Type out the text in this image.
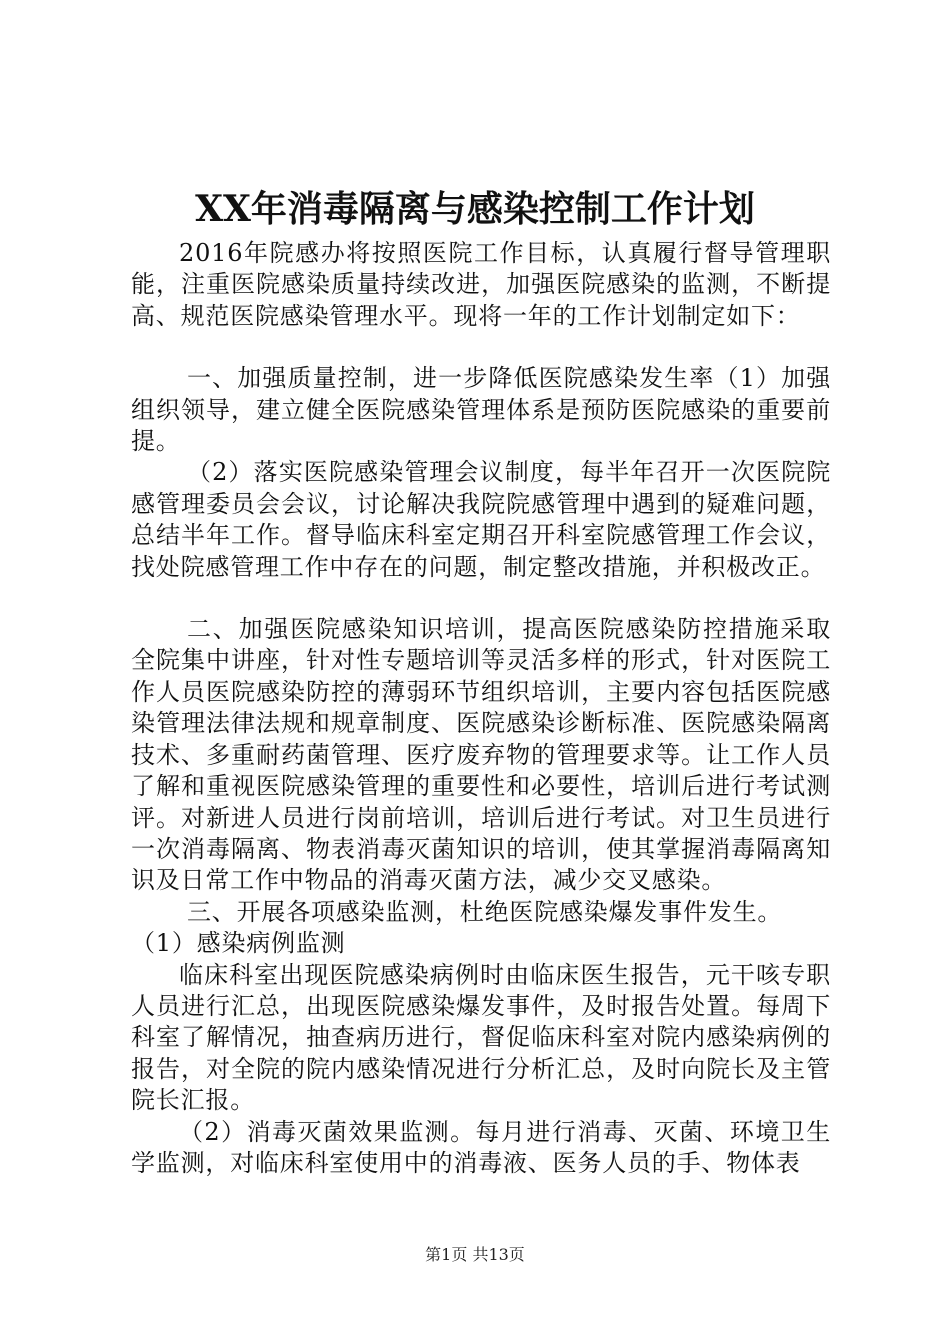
XX年消毒隔离与感染控制工作计划

2016年院感办将按照医院工作目标，认真履行督导管理职能，注重医院感染质量持续改进，加强医院感染的监测，不断提高、规范医院感染管理水平。现将一年的工作计划制定如下：

一、加强质量控制，进一步降低医院感染发生率（1）加强组织领导，建立健全医院感染管理体系是预防医院感染的重要前提。

（2）落实医院感染管理会议制度，每半年召开一次医院院感管理委员会会议，讨论解决我院院感管理中遇到的疑难问题，总结半年工作。督导临床科室定期召开科室院感管理工作会议，找处院感管理工作中存在的问题，制定整改措施，并积极改正。

二、加强医院感染知识培训，提高医院感染防控措施采取全院集中讲座，针对性专题培训等灵活多样的形式，针对医院工作人员医院感染防控的薄弱环节组织培训，主要内容包括医院感染管理法律法规和规章制度、医院感染诊断标准、医院感染隔离技术、多重耐药菌管理、医疗废弃物的管理要求等。让工作人员了解和重视医院感染管理的重要性和必要性，培训后进行考试测评。对新进人员进行岗前培训，培训后进行考试。对卫生员进行一次消毒隔离、物表消毒灭菌知识的培训，使其掌握消毒隔离知识及日常工作中物品的消毒灭菌方法，减少交叉感染。

三、开展各项感染监测，杜绝医院感染爆发事件发生。

（1）感染病例监测

临床科室出现医院感染病例时由临床医生报告，元干咳专职人员进行汇总，出现医院感染爆发事件，及时报告处置。每周下科室了解情况，抽查病历进行，督促临床科室对院内感染病例的报告，对全院的院内感染情况进行分析汇总，及时向院长及主管院长汇报。

（2）消毒灭菌效果监测。每月进行消毒、灭菌、环境卫生学监测，对临床科室使用中的消毒液、医务人员的手、物体表

第1页 共13页
